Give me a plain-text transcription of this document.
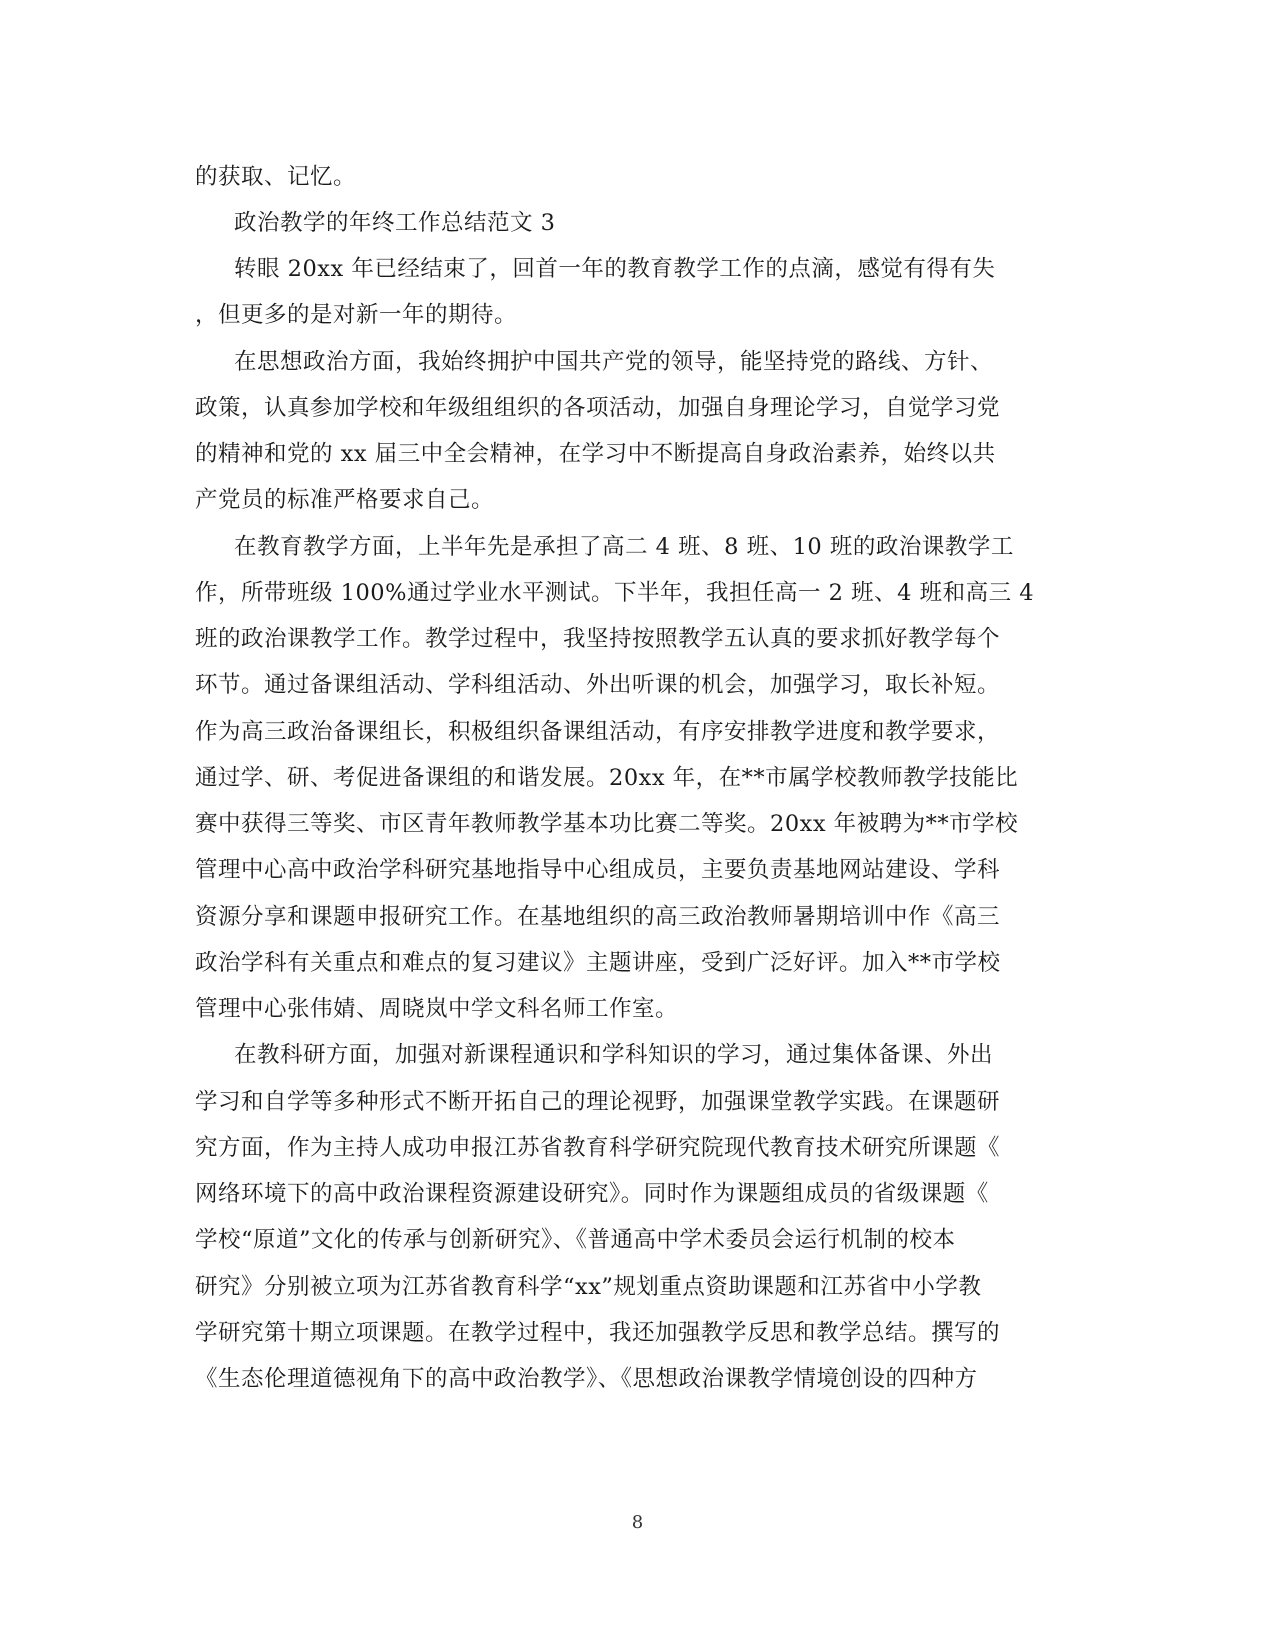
的获取、记忆。
政治教学的年终工作总结范文 3
转眼 20xx 年已经结束了，回首一年的教育教学工作的点滴，感觉有得有失
，但更多的是对新一年的期待。
在思想政治方面，我始终拥护中国共产党的领导，能坚持党的路线、方针、
政策，认真参加学校和年级组组织的各项活动，加强自身理论学习，自觉学习党
的精神和党的 xx 届三中全会精神，在学习中不断提高自身政治素养，始终以共
产党员的标准严格要求自己。
在教育教学方面，上半年先是承担了高二 4 班、8 班、10 班的政治课教学工
作，所带班级 100%通过学业水平测试。下半年，我担任高一 2 班、4 班和高三 4
班的政治课教学工作。教学过程中，我坚持按照教学五认真的要求抓好教学每个
环节。通过备课组活动、学科组活动、外出听课的机会，加强学习，取长补短。
作为高三政治备课组长，积极组织备课组活动，有序安排教学进度和教学要求，
通过学、研、考促进备课组的和谐发展。20xx 年，在**市属学校教师教学技能比
赛中获得三等奖、市区青年教师教学基本功比赛二等奖。20xx 年被聘为**市学校
管理中心高中政治学科研究基地指导中心组成员，主要负责基地网站建设、学科
资源分享和课题申报研究工作。在基地组织的高三政治教师暑期培训中作《高三
政治学科有关重点和难点的复习建议》主题讲座，受到广泛好评。加入**市学校
管理中心张伟婧、周晓岚中学文科名师工作室。
在教科研方面，加强对新课程通识和学科知识的学习，通过集体备课、外出
学习和自学等多种形式不断开拓自己的理论视野，加强课堂教学实践。在课题研
究方面，作为主持人成功申报江苏省教育科学研究院现代教育技术研究所课题《
网络环境下的高中政治课程资源建设研究》。同时作为课题组成员的省级课题《
学校“原道”文化的传承与创新研究》、《普通高中学术委员会运行机制的校本
研究》分别被立项为江苏省教育科学“xx”规划重点资助课题和江苏省中小学教
学研究第十期立项课题。在教学过程中，我还加强教学反思和教学总结。撰写的
《生态伦理道德视角下的高中政治教学》、《思想政治课教学情境创设的四种方
8
